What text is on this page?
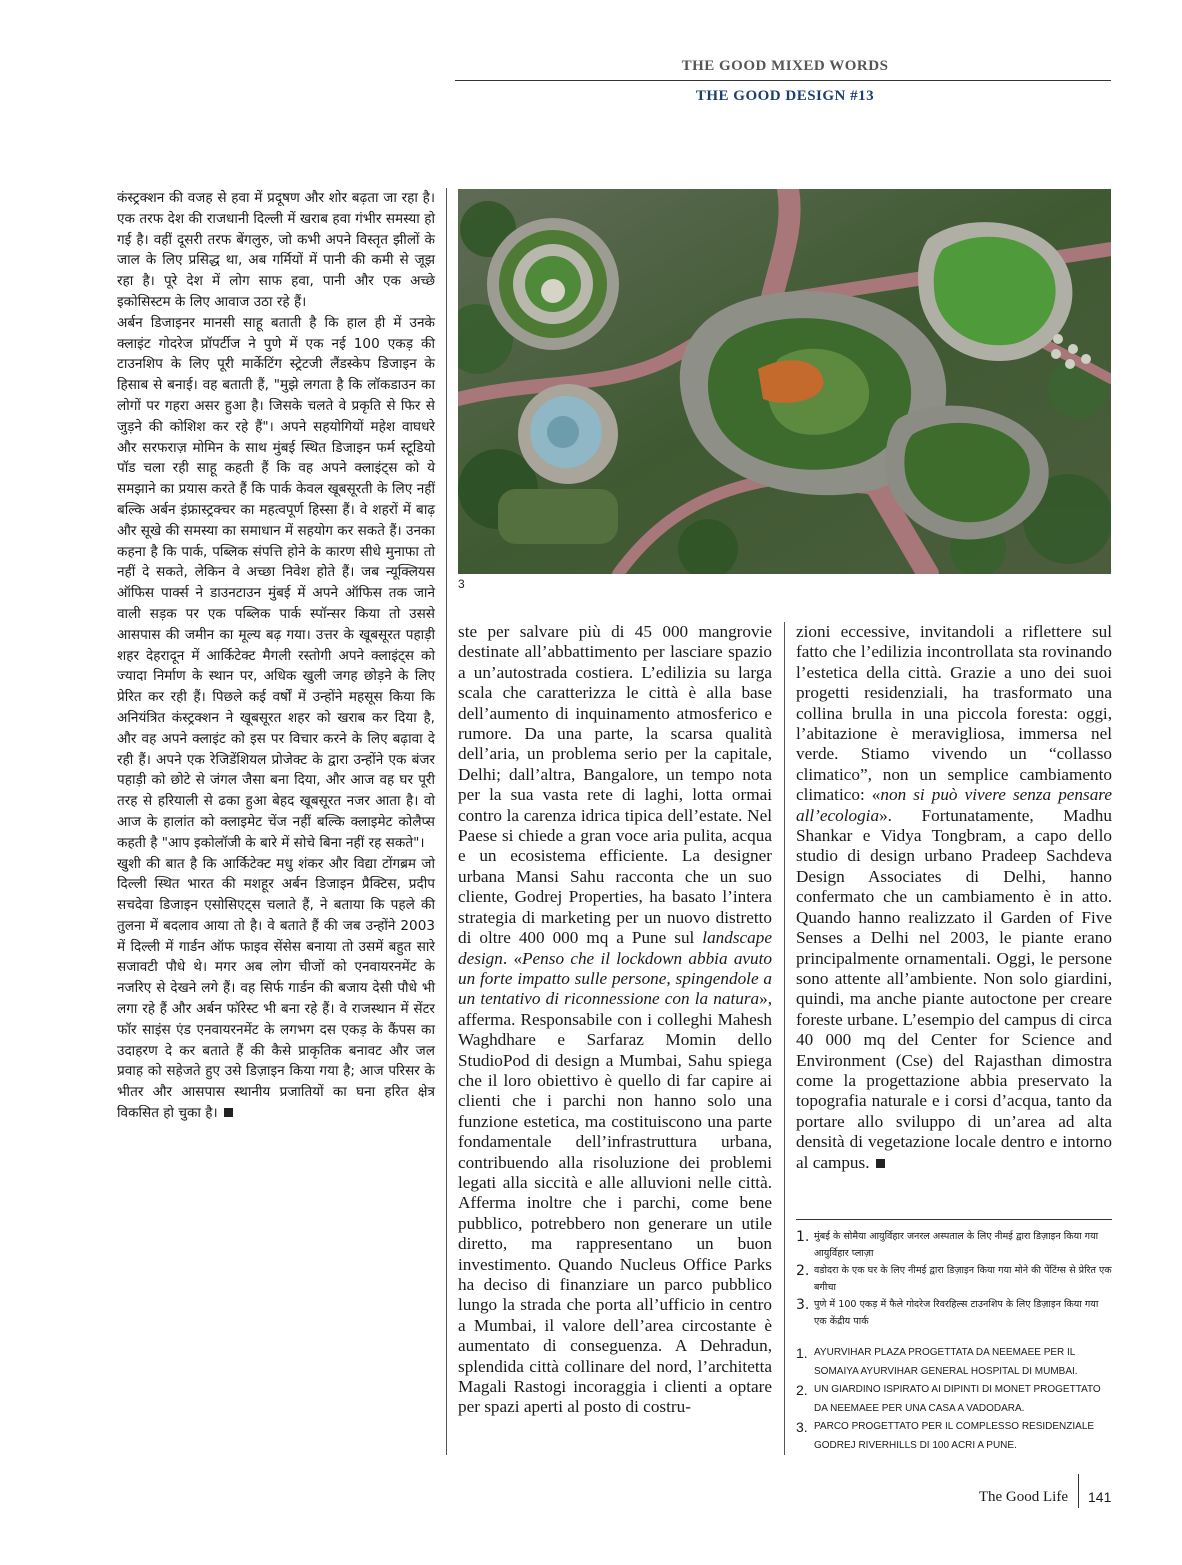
THE GOOD MIXED WORDS
THE GOOD DESIGN #13

कंस्ट्रक्शन की वजह से हवा में प्रदूषण और शोर बढ़ता जा रहा है। एक तरफ देश की राजधानी दिल्ली में खराब हवा गंभीर समस्या हो गई है। वहीं दूसरी तरफ बेंगलुरु, जो कभी अपने विस्तृत झीलों के जाल के लिए प्रसिद्ध था, अब गर्मियों में पानी की कमी से जूझ रहा है। पूरे देश में लोग साफ हवा, पानी और एक अच्छे इकोसिस्टम के लिए आवाज उठा रहे हैं।

अर्बन डिजाइनर मानसी साहू बताती है कि हाल ही में उनके क्लाइंट गोदरेज प्रॉपर्टीज ने पुणे में एक नई 100 एकड़ की टाउनशिप के लिए पूरी मार्केटिंग स्ट्रेटजी लैंडस्केप डिजाइन के हिसाब से बनाई। वह बताती हैं, "मुझे लगता है कि लॉकडाउन का लोगों पर गहरा असर हुआ है। जिसके चलते वे प्रकृति से फिर से जुड़ने की कोशिश कर रहे हैं"। अपने सहयोगियों महेश वाघधरे और सरफराज़ मोमिन के साथ मुंबई स्थित डिजाइन फर्म स्टूडियो पॉड चला रही साहू कहती हैं कि वह अपने क्लाइंट्स को ये समझाने का प्रयास करते हैं कि पार्क केवल खूबसूरती के लिए नहीं बल्कि अर्बन इंफ्रास्ट्रक्चर का महत्वपूर्ण हिस्सा हैं। वे शहरों में बाढ़ और सूखे की समस्या का समाधान में सहयोग कर सकते हैं। उनका कहना है कि पार्क, पब्लिक संपत्ति होने के कारण सीधे मुनाफा तो नहीं दे सकते, लेकिन वे अच्छा निवेश होते हैं। जब न्यूक्लियस ऑफिस पार्क्स ने डाउनटाउन मुंबई में अपने ऑफिस तक जाने वाली सड़क पर एक पब्लिक पार्क स्पॉन्सर किया तो उससे आसपास की जमीन का मूल्य बढ़ गया। उत्तर के खूबसूरत पहाड़ी शहर देहरादून में आर्किटेक्ट मैगली रस्तोगी अपने क्लाइंट्स को ज्यादा निर्माण के स्थान पर, अधिक खुली जगह छोड़ने के लिए प्रेरित कर रही हैं। पिछले कई वर्षों में उन्होंने महसूस किया कि अनियंत्रित कंस्ट्रक्शन ने खूबसूरत शहर को खराब कर दिया है, और वह अपने क्लाइंट को इस पर विचार करने के लिए बढ़ावा दे रही हैं। अपने एक रेजिडेंशियल प्रोजेक्ट के द्वारा उन्होंने एक बंजर पहाड़ी को छोटे से जंगल जैसा बना दिया, और आज वह घर पूरी तरह से हरियाली से ढका हुआ बेहद खूबसूरत नजर आता है। वो आज के हालांत को क्लाइमेट चेंज नहीं बल्कि क्लाइमेट कोलैप्स कहती है "आप इकोलॉजी के बारे में सोचे बिना नहीं रह सकते"।

खुशी की बात है कि आर्किटेक्ट मधु शंकर और विद्या टोंगब्रम जो दिल्ली स्थित भारत की मशहूर अर्बन डिजाइन प्रैक्टिस, प्रदीप सचदेवा डिजाइन एसोसिएट्स चलाते हैं, ने बताया कि पहले की तुलना में बदलाव आया तो है। वे बताते हैं की जब उन्होंने 2003 में दिल्ली में गार्डन ऑफ फाइव सेंसेस बनाया तो उसमें बहुत सारे सजावटी पौधे थे। मगर अब लोग चीजों को एनवायरनमेंट के नजरिए से देखने लगे हैं। वह सिर्फ गार्डन की बजाय देसी पौधे भी लगा रहे हैं और अर्बन फॉरेस्ट भी बना रहे हैं। वे राजस्थान में सेंटर फॉर साइंस एंड एनवायरनमेंट के लगभग दस एकड़ के कैंपस का उदाहरण दे कर बताते हैं की कैसे प्राकृतिक बनावट और जल प्रवाह को सहेजते हुए उसे डिज़ाइन किया गया है; आज परिसर के भीतर और आसपास स्थानीय प्रजातियों का घना हरित क्षेत्र विकसित हो चुका है।

3

ste per salvare più di 45 000 mangrovie destinate all’abbattimento per lasciare spazio a un’autostrada costiera. L’edilizia su larga scala che caratterizza le città è alla base dell’aumento di inquinamento atmosferico e rumore. Da una parte, la scarsa qualità dell’aria, un problema serio per la capitale, Delhi; dall’altra, Bangalore, un tempo nota per la sua vasta rete di laghi, lotta ormai contro la carenza idrica tipica dell’estate. Nel Paese si chiede a gran voce aria pulita, acqua e un ecosistema efficiente. La designer urbana Mansi Sahu racconta che un suo cliente, Godrej Properties, ha basato l’intera strategia di marketing per un nuovo distretto di oltre 400 000 mq a Pune sul landscape design. «Penso che il lockdown abbia avuto un forte impatto sulle persone, spingendole a un tentativo di riconnessione con la natura», afferma. Responsabile con i colleghi Mahesh Waghdhare e Sarfaraz Momin dello StudioPod di design a Mumbai, Sahu spiega che il loro obiettivo è quello di far capire ai clienti che i parchi non hanno solo una funzione estetica, ma costituiscono una parte fondamentale dell’infrastruttura urbana, contribuendo alla risoluzione dei problemi legati alla siccità e alle alluvioni nelle città. Afferma inoltre che i parchi, come bene pubblico, potrebbero non generare un utile diretto, ma rappresentano un buon investimento. Quando Nucleus Office Parks ha deciso di finanziare un parco pubblico lungo la strada che porta all’ufficio in centro a Mumbai, il valore dell’area circostante è aumentato di conseguenza. A Dehradun, splendida città collinare del nord, l’architetta Magali Rastogi incoraggia i clienti a optare per spazi aperti al posto di costru-

zioni eccessive, invitandoli a riflettere sul fatto che l’edilizia incontrollata sta rovinando l’estetica della città. Grazie a uno dei suoi progetti residenziali, ha trasformato una collina brulla in una piccola foresta: oggi, l’abitazione è meravigliosa, immersa nel verde. Stiamo vivendo un “collasso climatico”, non un semplice cambiamento climatico: «non si può vivere senza pensare all’ecologia». Fortunatamente, Madhu Shankar e Vidya Tongbram, a capo dello studio di design urbano Pradeep Sachdeva Design Associates di Delhi, hanno confermato che un cambiamento è in atto. Quando hanno realizzato il Garden of Five Senses a Delhi nel 2003, le piante erano principalmente ornamentali. Oggi, le persone sono attente all’ambiente. Non solo giardini, quindi, ma anche piante autoctone per creare foreste urbane. L’esempio del campus di circa 40 000 mq del Center for Science and Environment (Cse) del Rajasthan dimostra come la progettazione abbia preservato la topografia naturale e i corsi d’acqua, tanto da portare allo sviluppo di un’area ad alta densità di vegetazione locale dentro e intorno al campus.

1. मुंबई के सोमैया आयुर्विहार जनरल अस्पताल के लिए नीमई द्वारा डिज़ाइन किया गया आयुर्विहार प्लाज़ा
2. वडोदरा के एक घर के लिए नीमई द्वारा डिज़ाइन किया गया मोने की पेंटिंग्स से प्रेरित एक बगीचा
3. पुणे में 100 एकड़ में फैले गोदरेज रिवरहिल्स टाउनशिप के लिए डिज़ाइन किया गया एक केंद्रीय पार्क
1. AYURVIHAR PLAZA PROGETTATA DA NEEMAEE PER IL SOMAIYA AYURVIHAR GENERAL HOSPITAL DI MUMBAI.
2. UN GIARDINO ISPIRATO AI DIPINTI DI MONET PROGETTATO DA NEEMAEE PER UNA CASA A VADODARA.
3. PARCO PROGETTATO PER IL COMPLESSO RESIDENZIALE GODREJ RIVERHILLS DI 100 ACRI A PUNE.
The Good Life 141
